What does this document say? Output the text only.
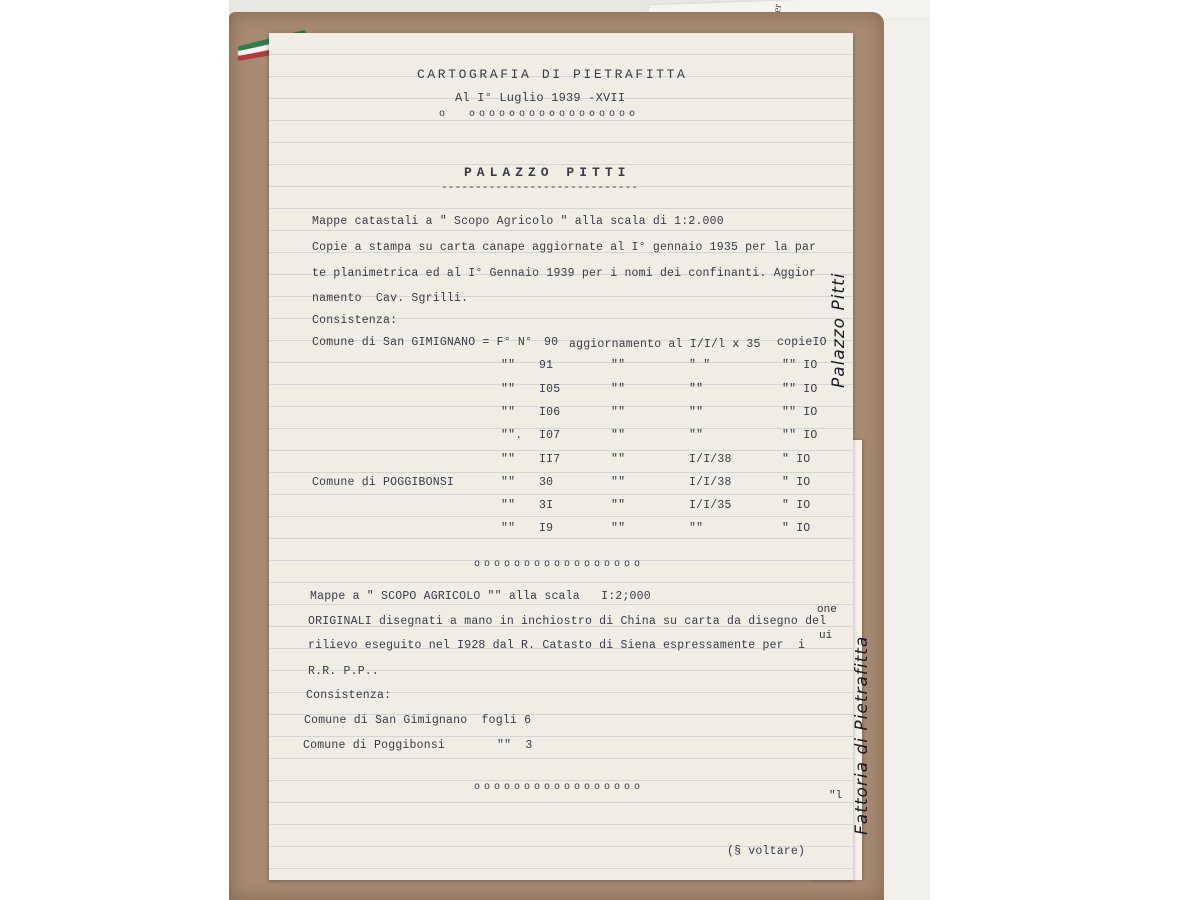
CARTOGRAFIA DI PIETRAFITTA
Al I° Luglio 1939 -XVII
o  ooooooooooooooooo
PALAZZO PITTI
-----------------------------
Mappe catastali a " Scopo Agricolo " alla scala di 1:2.000
Copie a stampa su carta canape aggiornate al I° gennaio 1935 per la par
te planimetrica ed al I° Gennaio 1939 per i nomi dei confinanti. Aggior
namento  Cav. Sgrilli.
Consistenza:
Comune di San GIMIGNANO = F° N° 90 aggiornamento al I/I/l ⅹ 35 copieIO
"" 91	""	" "	"" IO
"" I05	""	""	"" IO
"" I06	""	""	"" IO
"". I07	""	""	"" IO
"" II7	""	I/I/38	" IO
Comune di POGGIBONSI	"" 30	""	I/I/38	" IO
"" 3I	""	I/I/35	" IO
"" I9	""	""	" IO
ooooooooooooooooo
Mappe a " SCOPO AGRICOLO "" alla scala   I:2;000
ORIGINALI disegnati a mano in inchiostro di China su carta da disegno del
rilievo eseguito nel I928 dal R. Catasto di Siena espressamente per  i
R.R. P.P..
Consistenza:
Comune di San Gimignano  fogli 6
Comune di Poggibonsi	""  3
ooooooooooooooooo
(§ voltare)
Palazzo Pitti
Fattoria di Pietrafitta
one
ui
"l
